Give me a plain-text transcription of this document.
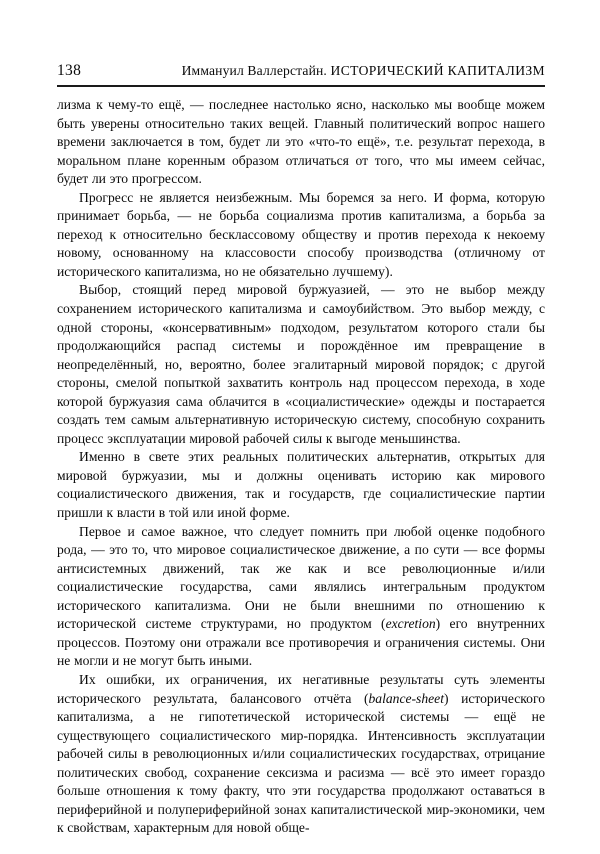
138	Иммануил Валлерстайн. ИСТОРИЧЕСКИЙ КАПИТАЛИЗМ

лизма к чему-то ещё, — последнее настолько ясно, насколько мы вообще можем быть уверены относительно таких вещей. Главный политический вопрос нашего времени заключается в том, будет ли это «что-то ещё», т.е. результат перехода, в моральном плане коренным образом отличаться от того, что мы имеем сейчас, будет ли это прогрессом.

Прогресс не является неизбежным. Мы боремся за него. И форма, которую принимает борьба, — не борьба социализма против капитализма, а борьба за переход к относительно бесклассовому обществу и против перехода к некоему новому, основанному на классовости способу производства (отличному от исторического капитализма, но не обязательно лучшему).

Выбор, стоящий перед мировой буржуазией, — это не выбор между сохранением исторического капитализма и самоубийством. Это выбор между, с одной стороны, «консервативным» подходом, результатом которого стали бы продолжающийся распад системы и порождённое им превращение в неопределённый, но, вероятно, более эгалитарный мировой порядок; с другой стороны, смелой попыткой захватить контроль над процессом перехода, в ходе которой буржуазия сама облачится в «социалистические» одежды и постарается создать тем самым альтернативную историческую систему, способную сохранить процесс эксплуатации мировой рабочей силы к выгоде меньшинства.

Именно в свете этих реальных политических альтернатив, открытых для мировой буржуазии, мы и должны оценивать историю как мирового социалистического движения, так и государств, где социалистические партии пришли к власти в той или иной форме.

Первое и самое важное, что следует помнить при любой оценке подобного рода, — это то, что мировое социалистическое движение, а по сути — все формы антисистемных движений, так же как и все революционные и/или социалистические государства, сами являлись интегральным продуктом исторического капитализма. Они не были внешними по отношению к исторической системе структурами, но продуктом (excretion) его внутренних процессов. Поэтому они отражали все противоречия и ограничения системы. Они не могли и не могут быть иными.

Их ошибки, их ограничения, их негативные результаты суть элементы исторического результата, балансового отчёта (balance-sheet) исторического капитализма, а не гипотетической исторической системы — ещё не существующего социалистического мир-порядка. Интенсивность эксплуатации рабочей силы в революционных и/или социалистических государствах, отрицание политических свобод, сохранение сексизма и расизма — всё это имеет гораздо больше отношения к тому факту, что эти государства продолжают оставаться в периферийной и полупериферийной зонах капиталистической мир-экономики, чем к свойствам, характерным для новой обще-
